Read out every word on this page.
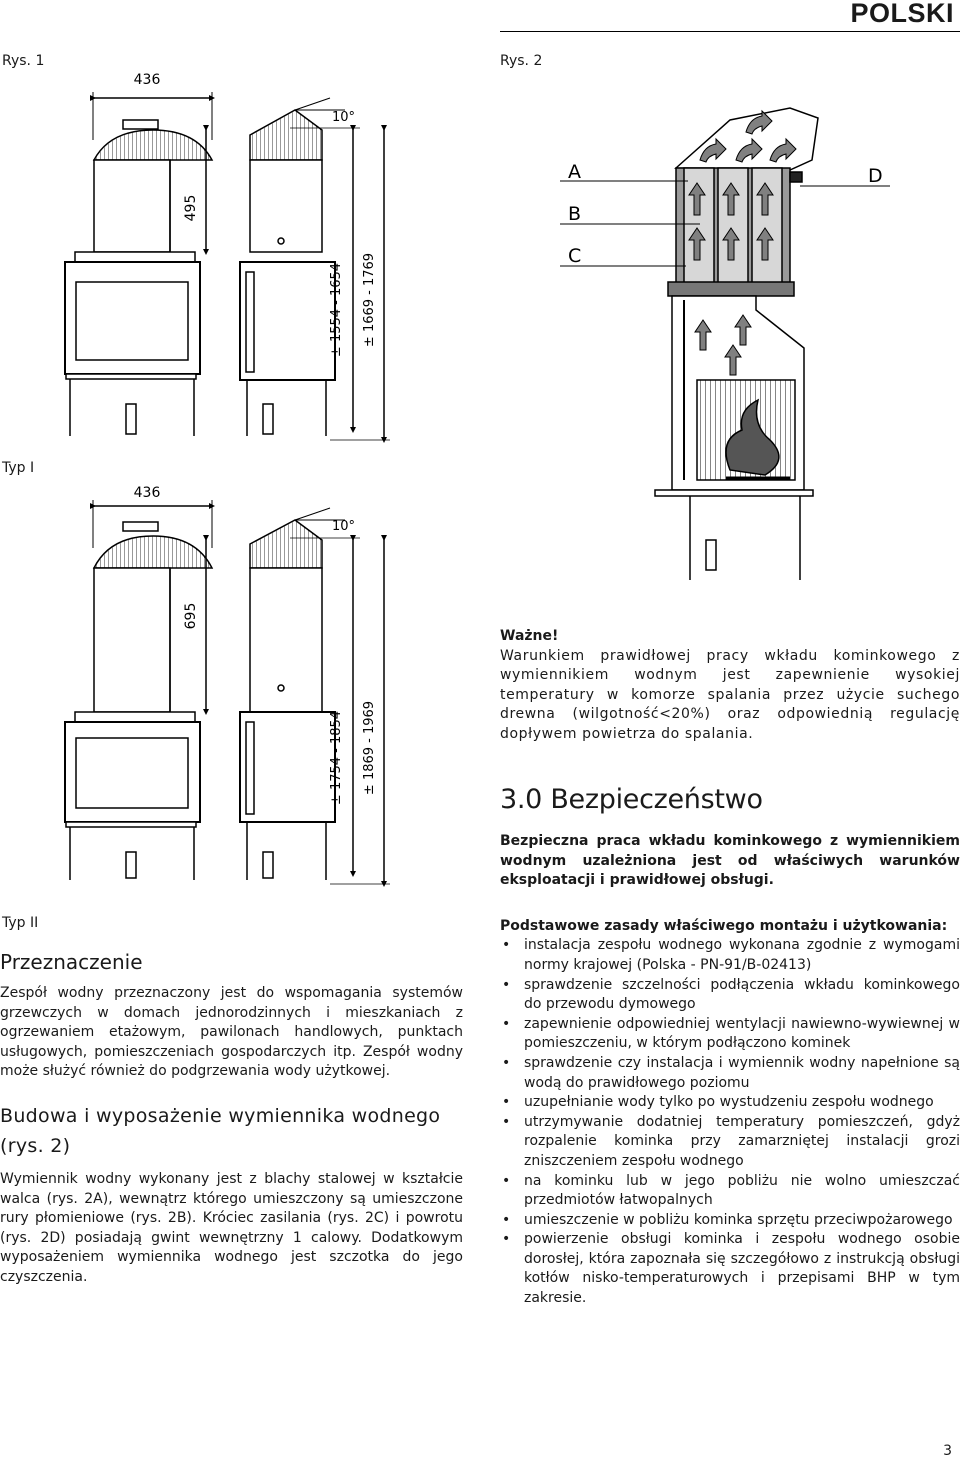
POLSKI
Rys. 1	Rys. 2
Typ I
Typ II
436
495
± 1554 - 1654 ± 1669 - 1769
10°
436
695
± 1754 - 1854 ± 1869 - 1969
10°
A
B
C
D

Ważne!

Warunkiem prawidłowej pracy wkładu kominkowego z wymiennikiem wodnym jest zapewnienie wysokiej temperatury w komorze spalania przez użycie suchego drewna (wilgotność<20%) oraz odpowiednią regulację dopływem powietrza do spalania.

3.0 Bezpieczeństwo

Bezpieczna praca wkładu kominkowego z wymiennikiem wodnym uzależniona jest od właściwych warunków eksploatacji i prawidłowej obsługi.

Podstawowe zasady właściwego montażu i użytkowania:

• instalacja zespołu wodnego wykonana zgodnie z wymogami normy krajowej (Polska - PN-91/B-02413)
• sprawdzenie szczelności podłączenia wkładu kominkowego do przewodu dymowego
• zapewnienie odpowiedniej wentylacji nawiewno-wywiewnej w pomieszczeniu, w którym podłączono kominek
• sprawdzenie czy instalacja i wymiennik wodny napełnione są wodą do prawidłowego poziomu
• uzupełnianie wody tylko po wystudzeniu zespołu wodnego
• utrzymywanie dodatniej temperatury pomieszczeń, gdyż rozpalenie kominka przy zamarzniętej instalacji grozi zniszczeniem zespołu wodnego
• na kominku lub w jego pobliżu nie wolno umieszczać przedmiotów łatwopalnych
• umieszczenie w pobliżu kominka sprzętu przeciwpożarowego
• powierzenie obsługi kominka i zespołu wodnego osobie dorosłej, która zapoznała się szczegółowo z instrukcją obsługi kotłów nisko-temperaturowych i przepisami BHP w tym zakresie.
Przeznaczenie

Zespół wodny przeznaczony jest do wspomagania systemów grzewczych w domach jednorodzinnych i mieszkaniach z ogrzewaniem etażowym, pawilonach handlowych, punktach usługowych, pomieszczeniach gospodarczych itp. Zespół wodny może służyć również do podgrzewania wody użytkowej.

Budowa i wyposażenie wymiennika wodnego (rys. 2)

Wymiennik wodny wykonany jest z blachy stalowej w kształcie walca (rys. 2A), wewnątrz którego umieszczony są umieszczone rury płomieniowe (rys. 2B). Króciec zasilania (rys. 2C) i powrotu (rys. 2D) posiadają gwint wewnętrzny 1 calowy. Dodatkowym wyposażeniem wymiennika wodnego jest szczotka do jego czyszczenia.

3
